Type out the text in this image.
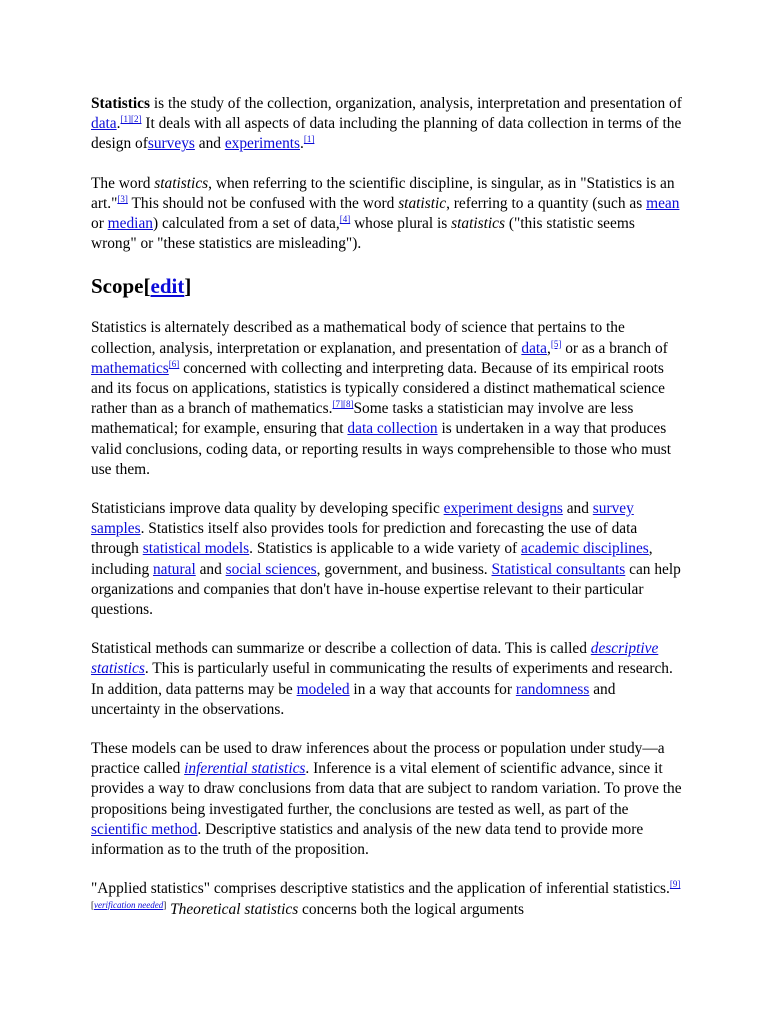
Statistics is the study of the collection, organization, analysis, interpretation and presentation of data.[1][2] It deals with all aspects of data including the planning of data collection in terms of the design ofsurveys and experiments.[1]

The word statistics, when referring to the scientific discipline, is singular, as in "Statistics is an art."[3] This should not be confused with the word statistic, referring to a quantity (such as mean or median) calculated from a set of data,[4] whose plural is statistics ("this statistic seems wrong" or "these statistics are misleading").

Scope[edit]

Statistics is alternately described as a mathematical body of science that pertains to the collection, analysis, interpretation or explanation, and presentation of data,[5] or as a branch of mathematics[6] concerned with collecting and interpreting data. Because of its empirical roots and its focus on applications, statistics is typically considered a distinct mathematical science rather than as a branch of mathematics.[7][8]Some tasks a statistician may involve are less mathematical; for example, ensuring that data collection is undertaken in a way that produces valid conclusions, coding data, or reporting results in ways comprehensible to those who must use them.

Statisticians improve data quality by developing specific experiment designs and survey samples. Statistics itself also provides tools for prediction and forecasting the use of data through statistical models. Statistics is applicable to a wide variety of academic disciplines, including natural and social sciences, government, and business. Statistical consultants can help organizations and companies that don't have in-house expertise relevant to their particular questions.

Statistical methods can summarize or describe a collection of data. This is called descriptive statistics. This is particularly useful in communicating the results of experiments and research. In addition, data patterns may be modeled in a way that accounts for randomness and uncertainty in the observations.

These models can be used to draw inferences about the process or population under study—a practice called inferential statistics. Inference is a vital element of scientific advance, since it provides a way to draw conclusions from data that are subject to random variation. To prove the propositions being investigated further, the conclusions are tested as well, as part of the scientific method. Descriptive statistics and analysis of the new data tend to provide more information as to the truth of the proposition.

"Applied statistics" comprises descriptive statistics and the application of inferential statistics.[9][verification needed] Theoretical statistics concerns both the logical arguments
